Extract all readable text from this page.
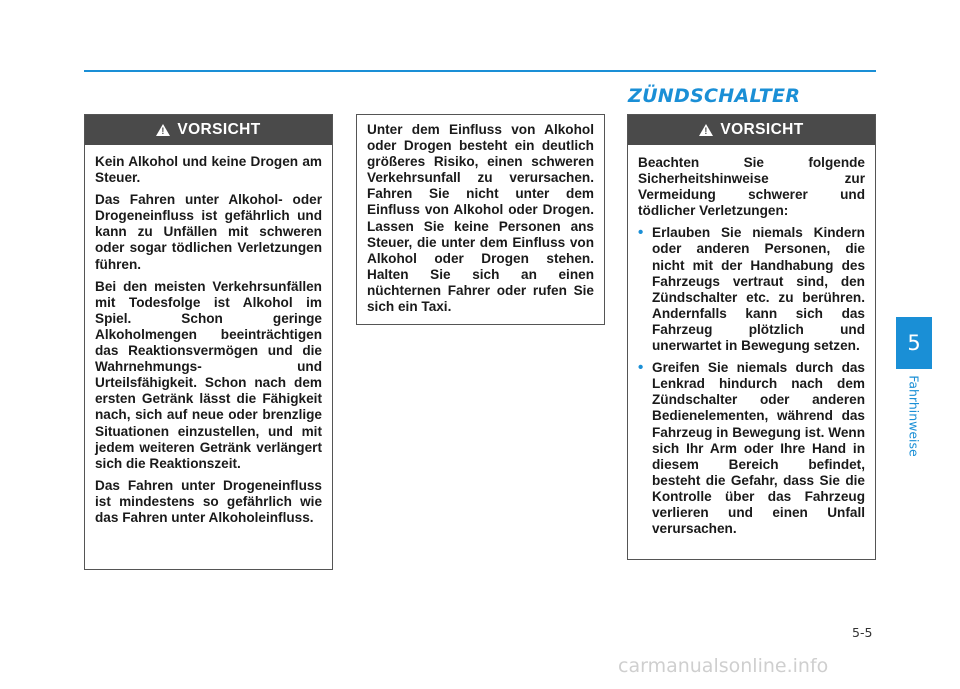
ZÜNDSCHALTER
5
Fahrhinweise
! VORSICHT

Kein Alkohol und keine Drogen am Steuer.

Das Fahren unter Alkohol- oder Drogeneinfluss ist gefährlich und kann zu Unfällen mit schweren oder sogar tödlichen Verletzungen führen.

Bei den meisten Verkehrsunfällen mit Todesfolge ist Alkohol im Spiel. Schon geringe Alkoholmengen beeinträchtigen das Reaktionsvermögen und die Wahrnehmungs- und Urteilsfähigkeit. Schon nach dem ersten Getränk lässt die Fähigkeit nach, sich auf neue oder brenzlige Situationen einzustellen, und mit jedem weiteren Getränk verlängert sich die Reaktionszeit.

Das Fahren unter Drogeneinfluss ist mindestens so gefährlich wie das Fahren unter Alkoholeinfluss.

Unter dem Einfluss von Alkohol oder Drogen besteht ein deutlich größeres Risiko, einen schweren Verkehrsunfall zu verursachen. Fahren Sie nicht unter dem Einfluss von Alkohol oder Drogen. Lassen Sie keine Personen ans Steuer, die unter dem Einfluss von Alkohol oder Drogen stehen. Halten Sie sich an einen nüchternen Fahrer oder rufen Sie sich ein Taxi.

! VORSICHT

Beachten Sie folgende Sicherheitshinweise zur Vermeidung schwerer und tödlicher Verletzungen:

• Erlauben Sie niemals Kindern oder anderen Personen, die nicht mit der Handhabung des Fahrzeugs vertraut sind, den Zündschalter etc. zu berühren. Andernfalls kann sich das Fahrzeug plötzlich und unerwartet in Bewegung setzen.
• Greifen Sie niemals durch das Lenkrad hindurch nach dem Zündschalter oder anderen Bedienelementen, während das Fahrzeug in Bewegung ist. Wenn sich Ihr Arm oder Ihre Hand in diesem Bereich befindet, besteht die Gefahr, dass Sie die Kontrolle über das Fahrzeug verlieren und einen Unfall verursachen.
5-5
carmanualsonline.info
